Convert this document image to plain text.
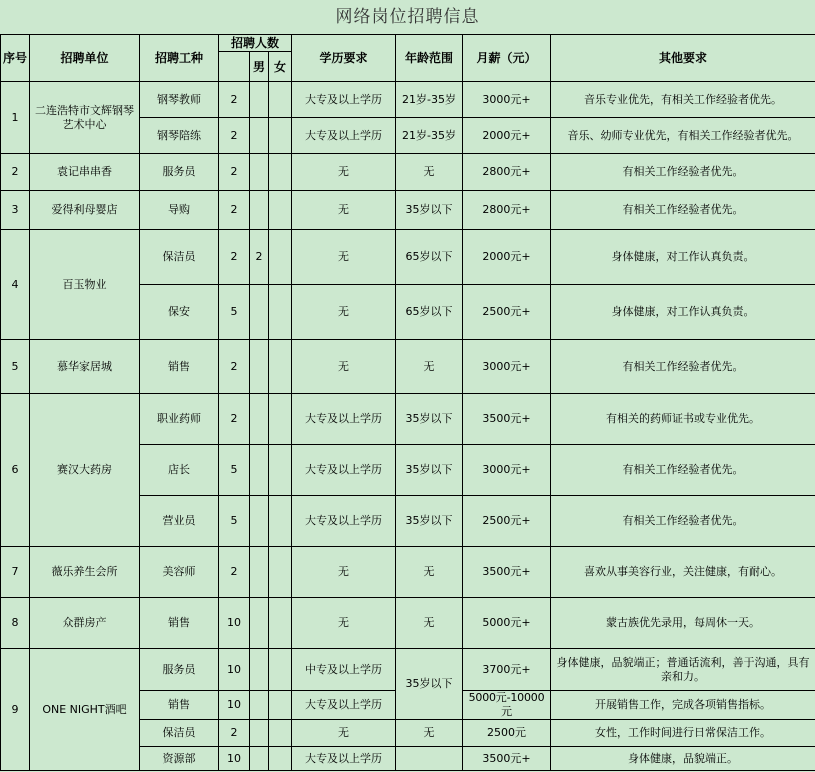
网络岗位招聘信息
序号	招聘单位	招聘工种	招聘人数			学历要求	年龄范围	月薪（元）	其他要求
				男	女				
1	二连浩特市文辉钢琴艺术中心	钢琴教师	2			大专及以上学历	21岁-35岁	3000元+	音乐专业优先，有相关工作经验者优先。
		钢琴陪练	2			大专及以上学历	21岁-35岁	2000元+	音乐、幼师专业优先，有相关工作经验者优先。
2	袁记串串香	服务员	2			无	无	2800元+	有相关工作经验者优先。
3	爱得利母婴店	导购	2			无	35岁以下	2800元+	有相关工作经验者优先。
4	百玉物业	保洁员	2	2		无	65岁以下	2000元+	身体健康，对工作认真负责。
		保安	5			无	65岁以下	2500元+	身体健康，对工作认真负责。
5	慕华家居城	销售	2			无	无	3000元+	有相关工作经验者优先。
6	赛汉大药房	职业药师	2			大专及以上学历	35岁以下	3500元+	有相关的药师证书或专业优先。
		店长	5			大专及以上学历	35岁以下	3000元+	有相关工作经验者优先。
		营业员	5			大专及以上学历	35岁以下	2500元+	有相关工作经验者优先。
7	薇乐养生会所	美容师	2			无	无	3500元+	喜欢从事美容行业，关注健康，有耐心。
8	众群房产	销售	10			无	无	5000元+	蒙古族优先录用，每周休一天。
9	ONE NIGHT酒吧	服务员	10			中专及以上学历	35岁以下	3700元+	身体健康，品貌端正；普通话流利，善于沟通，具有亲和力。
		销售	10			大专及以上学历		5000元-10000元	开展销售工作，完成各项销售指标。
		保洁员	2			无	无	2500元	女性，工作时间进行日常保洁工作。
		资源部	10			大专及以上学历		3500元+	身体健康，品貌端正。
